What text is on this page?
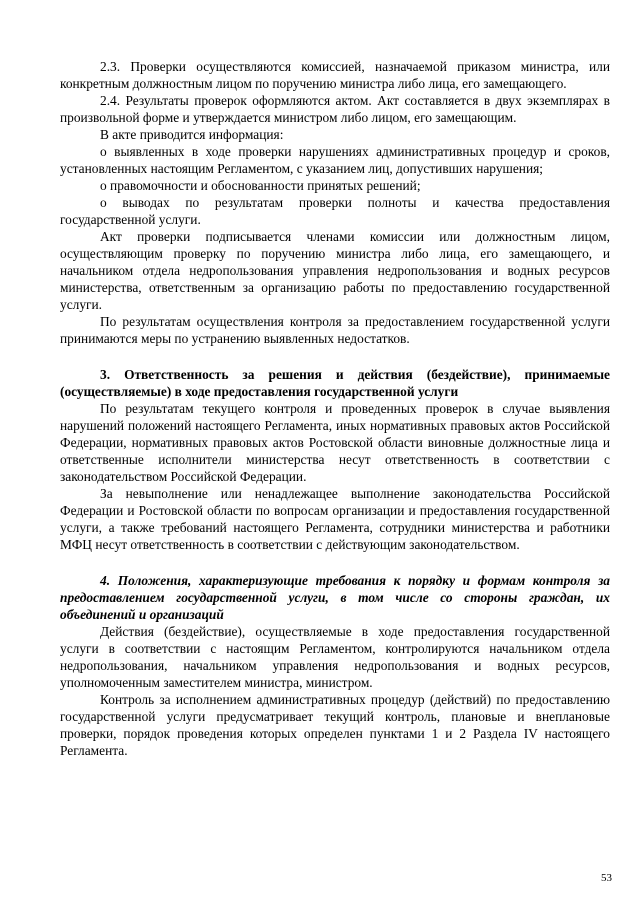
2.3. Проверки осуществляются комиссией, назначаемой приказом министра, или конкретным должностным лицом по поручению министра либо лица, его замещающего.

2.4. Результаты проверок оформляются актом. Акт составляется в двух экземплярах в произвольной форме и утверждается министром либо лицом, его замещающим.

В акте приводится информация:

о выявленных в ходе проверки нарушениях административных процедур и сроков, установленных настоящим Регламентом, с указанием лиц, допустивших нарушения;

о правомочности и обоснованности принятых решений;

о выводах по результатам проверки полноты и качества предоставления государственной услуги.

Акт проверки подписывается членами комиссии или должностным лицом, осуществляющим проверку по поручению министра либо лица, его замещающего, и начальником отдела недропользования управления недропользования и водных ресурсов министерства, ответственным за организацию работы по предоставлению государственной услуги.

По результатам осуществления контроля за предоставлением государственной услуги принимаются меры по устранению выявленных недостатков.

3. Ответственность за решения и действия (бездействие), принимаемые (осуществляемые) в ходе предоставления государственной услуги

По результатам текущего контроля и проведенных проверок в случае выявления нарушений положений настоящего Регламента, иных нормативных правовых актов Российской Федерации, нормативных правовых актов Ростовской области виновные должностные лица и ответственные исполнители министерства несут ответственность в соответствии с законодательством Российской Федерации.

За невыполнение или ненадлежащее выполнение законодательства Российской Федерации и Ростовской области по вопросам организации и предоставления государственной услуги, а также требований настоящего Регламента, сотрудники министерства и работники МФЦ несут ответственность в соответствии с действующим законодательством.

4. Положения, характеризующие требования к порядку и формам контроля за предоставлением государственной услуги, в том числе со стороны граждан, их объединений и организаций

Действия (бездействие), осуществляемые в ходе предоставления государственной услуги в соответствии с настоящим Регламентом, контролируются начальником отдела недропользования, начальником управления недропользования и водных ресурсов, уполномоченным заместителем министра, министром.

Контроль за исполнением административных процедур (действий) по предоставлению государственной услуги предусматривает текущий контроль, плановые и внеплановые проверки, порядок проведения которых определен пунктами 1 и 2 Раздела IV настоящего Регламента.

53
